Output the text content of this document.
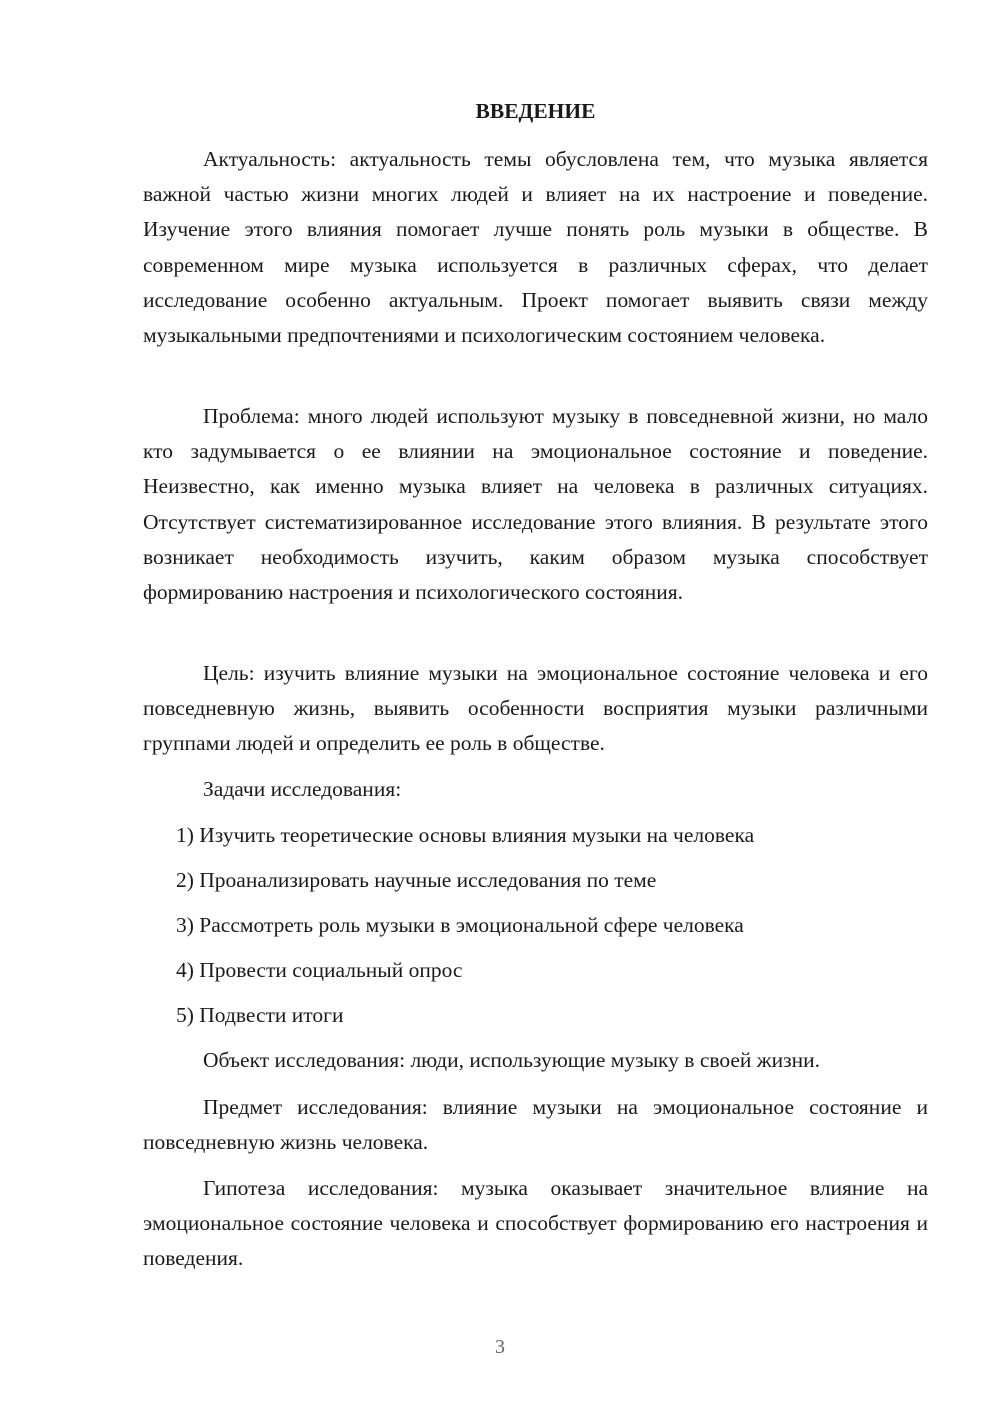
ВВЕДЕНИЕ

Актуальность: актуальность темы обусловлена тем, что музыка является важной частью жизни многих людей и влияет на их настроение и поведение. Изучение этого влияния помогает лучше понять роль музыки в обществе. В современном мире музыка используется в различных сферах, что делает исследование особенно актуальным. Проект помогает выявить связи между музыкальными предпочтениями и психологическим состоянием человека.

Проблема: много людей используют музыку в повседневной жизни, но мало кто задумывается о ее влиянии на эмоциональное состояние и поведение. Неизвестно, как именно музыка влияет на человека в различных ситуациях. Отсутствует систематизированное исследование этого влияния. В результате этого возникает необходимость изучить, каким образом музыка способствует формированию настроения и психологического состояния.

Цель: изучить влияние музыки на эмоциональное состояние человека и его повседневную жизнь, выявить особенности восприятия музыки различными группами людей и определить ее роль в обществе.

Задачи исследования:

1) Изучить теоретические основы влияния музыки на человека

2) Проанализировать научные исследования по теме

3) Рассмотреть роль музыки в эмоциональной сфере человека

4) Провести социальный опрос

5) Подвести итоги

Объект исследования: люди, использующие музыку в своей жизни.

Предмет исследования: влияние музыки на эмоциональное состояние и повседневную жизнь человека.

Гипотеза исследования: музыка оказывает значительное влияние на эмоциональное состояние человека и способствует формированию его настроения и поведения.

3
